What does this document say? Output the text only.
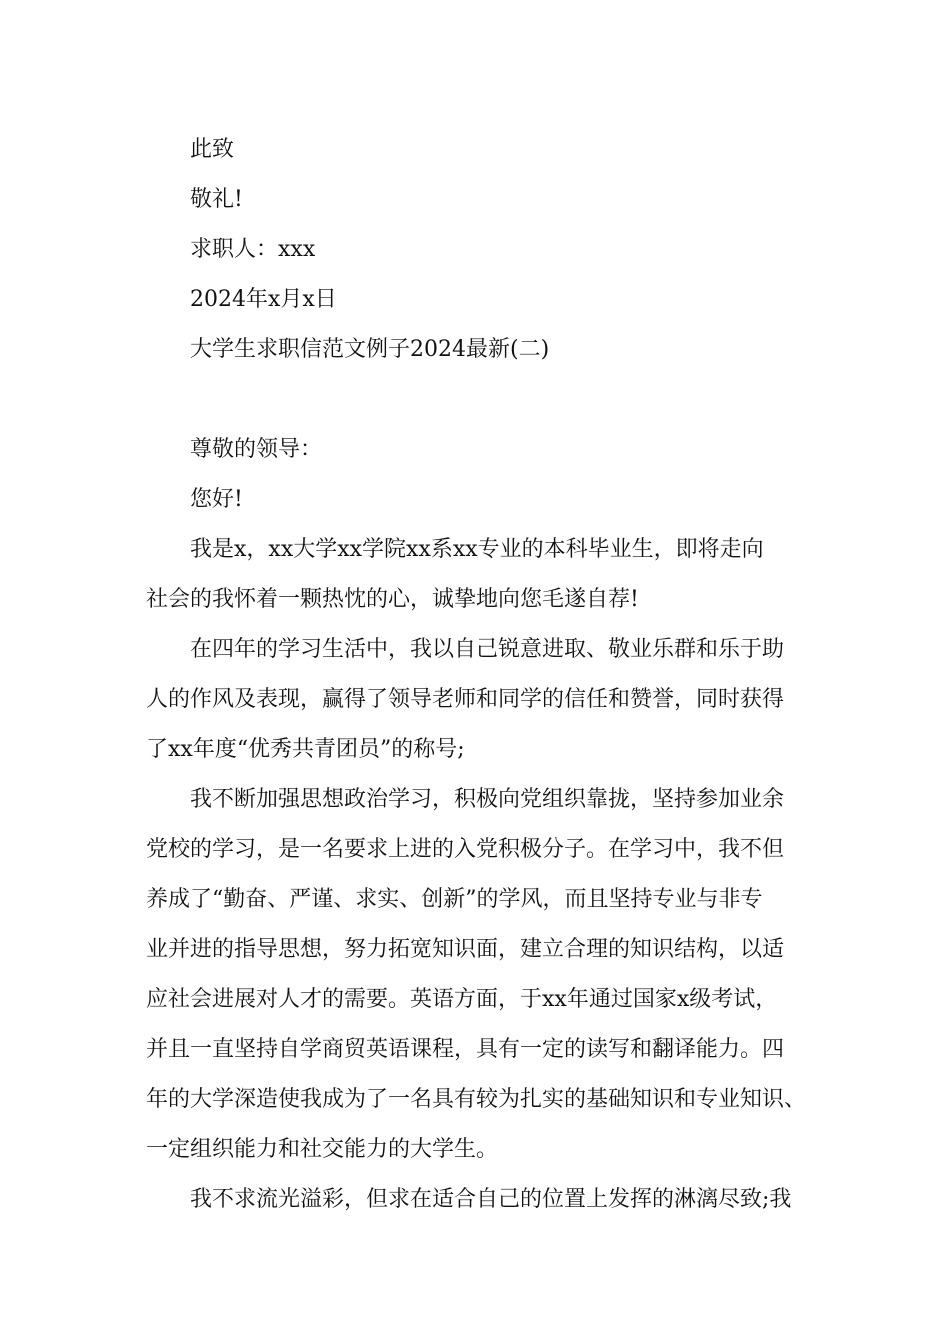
此致
敬礼!
求职人：xxx
2024年x月x日
大学生求职信范文例子2024最新(二)
尊敬的领导：
您好!
我是x，xx大学xx学院xx系xx专业的本科毕业生，即将走向
社会的我怀着一颗热忱的心，诚挚地向您毛遂自荐!
在四年的学习生活中，我以自己锐意进取、敬业乐群和乐于助
人的作风及表现，赢得了领导老师和同学的信任和赞誉，同时获得
了xx年度“优秀共青团员”的称号;
我不断加强思想政治学习，积极向党组织靠拢，坚持参加业余
党校的学习，是一名要求上进的入党积极分子。在学习中，我不但
养成了“勤奋、严谨、求实、创新”的学风，而且坚持专业与非专
业并进的指导思想，努力拓宽知识面，建立合理的知识结构，以适
应社会进展对人才的需要。英语方面，于xx年通过国家x级考试，
并且一直坚持自学商贸英语课程，具有一定的读写和翻译能力。四
年的大学深造使我成为了一名具有较为扎实的基础知识和专业知识、
一定组织能力和社交能力的大学生。
我不求流光溢彩，但求在适合自己的位置上发挥的淋漓尽致;我
